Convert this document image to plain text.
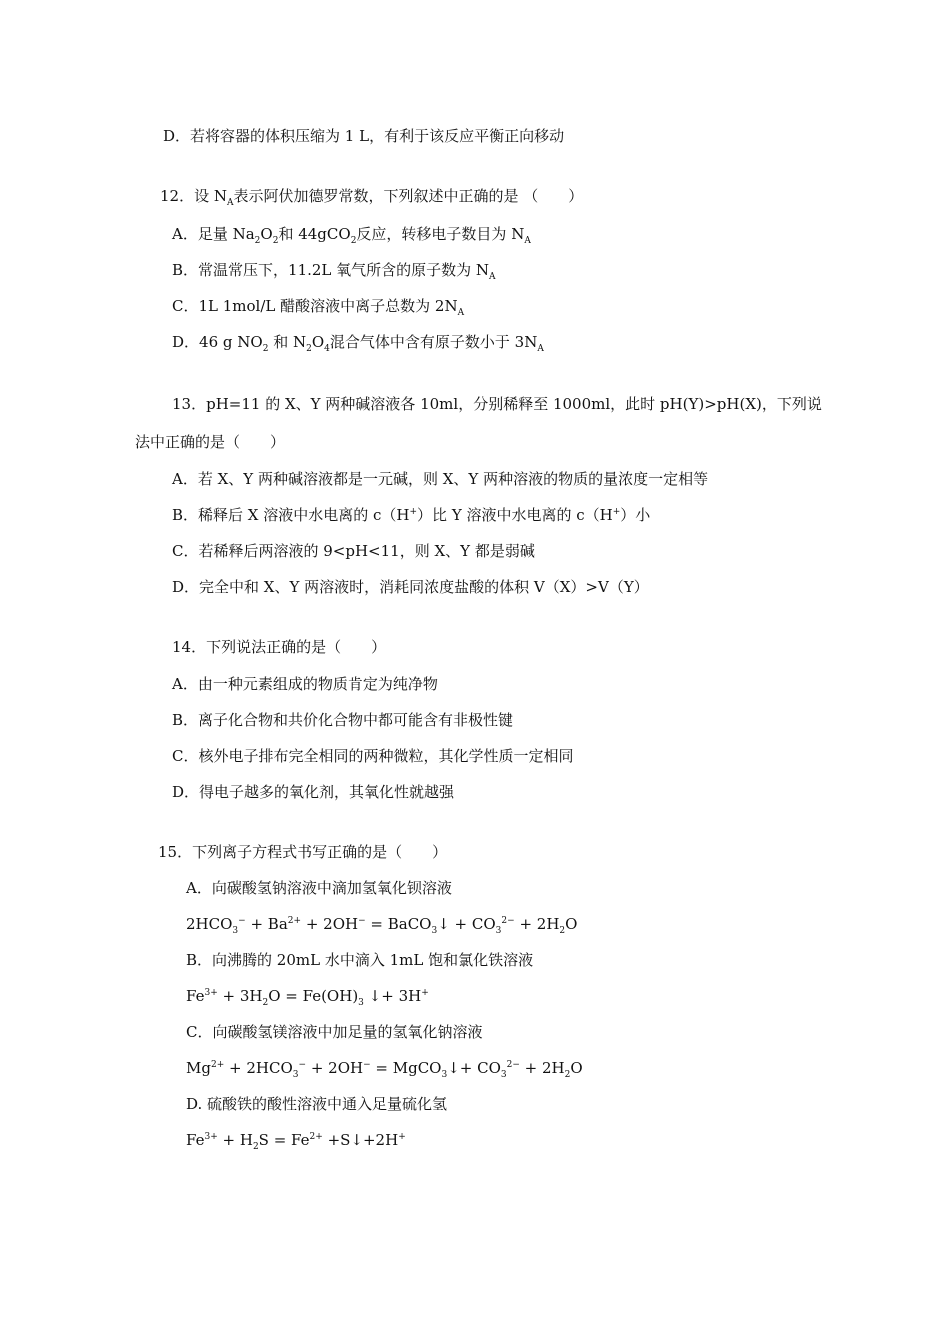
D．若将容器的体积压缩为 1 L，有利于该反应平衡正向移动
12．设 $N_A$表示阿伏加德罗常数，下列叙述中正确的是 （　　）
A．足量 $Na_2O_2$和 44gCO$_2$反应，转移电子数目为 $N_A$
B．常温常压下，11.2L 氧气所含的原子数为 $N_A$
C．1L 1mol/L 醋酸溶液中离子总数为 $2N_A$
D．46 g $NO_2$ 和 $N_2O_4$混合气体中含有原子数小于 $3N_A$
13．pH=11 的 X、Y 两种碱溶液各 10ml，分别稀释至 1000ml，此时 pH(Y)>pH(X)，下列说
法中正确的是（　　）
A．若 X、Y 两种碱溶液都是一元碱，则 X、Y 两种溶液的物质的量浓度一定相等
B．稀释后 X 溶液中水电离的 c（H+）比 Y 溶液中水电离的 c（H+）小
C．若稀释后两溶液的 9<pH<11，则 X、Y 都是弱碱
D．完全中和 X、Y 两溶液时，消耗同浓度盐酸的体积 V（X）>V（Y）
14．下列说法正确的是（　　）
A．由一种元素组成的物质肯定为纯净物
B．离子化合物和共价化合物中都可能含有非极性键
C．核外电子排布完全相同的两种微粒，其化学性质一定相同
D．得电子越多的氧化剂，其氧化性就越强
15．下列离子方程式书写正确的是（　　）
A．向碳酸氢钠溶液中滴加氢氧化钡溶液
$2HCO_3^- + Ba^{2+} + 2OH^-$ = BaCO$_3$↓ + $CO_3^{2-} + 2H_2O$
B．向沸腾的 20mL 水中滴入 1mL 饱和氯化铁溶液
$Fe^{3+} + 3H_2O = Fe(OH)_3$ ↓+ 3H+
C．向碳酸氢镁溶液中加足量的氢氧化钠溶液
$Mg^{2+} + 2HCO_3^- + 2OH^-$ = MgCO$_3$↓+ $CO_3^{2-} + 2H_2O$
D. 硫酸铁的酸性溶液中通入足量硫化氢
$Fe^{3+} + H_2S = Fe^{2+}$ +S↓+2H+
